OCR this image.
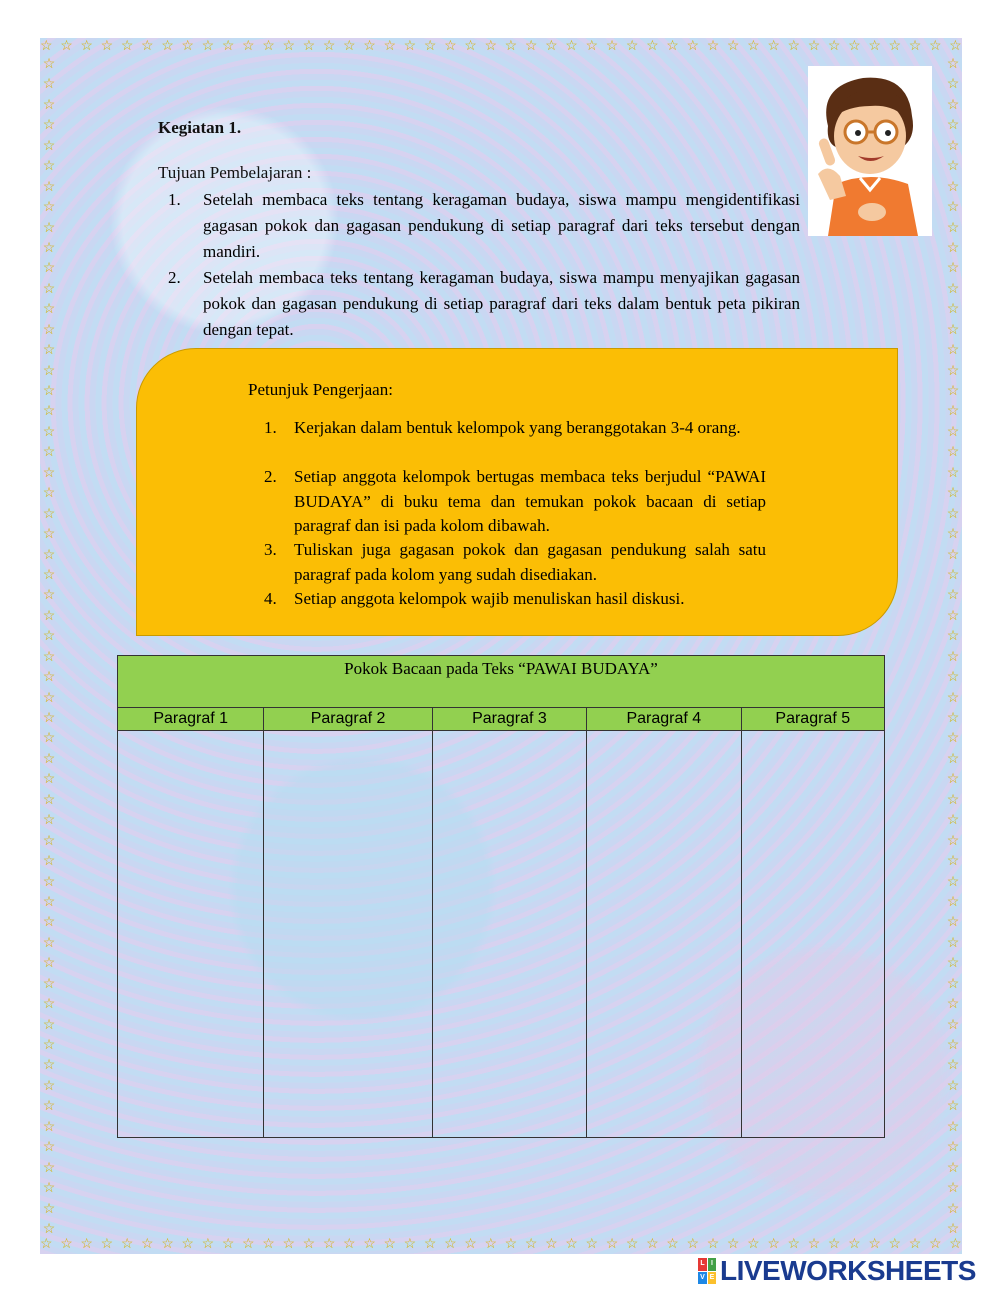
☆ ☆ ☆ ☆ ☆ ☆ ☆ ☆ ☆ ☆ ☆ ☆ ☆ ☆ ☆ ☆ ☆ ☆ ☆ ☆ ☆ ☆ ☆ ☆ ☆ ☆ ☆ ☆ ☆ ☆ ☆ ☆ ☆ ☆ ☆ ☆ ☆ ☆ ☆ ☆ ☆ ☆ ☆ ☆ ☆ ☆
☆ ☆ ☆ ☆ ☆ ☆ ☆ ☆ ☆ ☆ ☆ ☆ ☆ ☆ ☆ ☆ ☆ ☆ ☆ ☆ ☆ ☆ ☆ ☆ ☆ ☆ ☆ ☆ ☆ ☆ ☆ ☆ ☆ ☆ ☆ ☆ ☆ ☆ ☆ ☆ ☆ ☆ ☆ ☆ ☆ ☆
☆
☆
☆
☆
☆
☆
☆
☆
☆
☆
☆
☆
☆
☆
☆
☆
☆
☆
☆
☆
☆
☆
☆
☆
☆
☆
☆
☆
☆
☆
☆
☆
☆
☆
☆
☆
☆
☆
☆
☆
☆
☆
☆
☆
☆
☆
☆
☆
☆
☆
☆
☆
☆
☆
☆
☆
☆
☆
☆
☆
☆
☆
☆
☆
☆
☆
☆
☆
☆
☆
☆
☆
☆
☆
☆
☆
☆
☆
☆
☆
☆
☆
☆
☆
☆
☆
☆
☆
☆
☆
☆
☆
☆
☆
☆
☆
☆
☆
☆
☆
☆
☆
☆
☆
☆
☆
☆
☆
☆
☆
☆
☆
☆
☆
☆
☆
Kegiatan 1.
Tujuan Pembelajaran :
1. Setelah membaca teks tentang keragaman budaya, siswa mampu mengidentifikasi gagasan pokok dan gagasan pendukung di setiap paragraf dari teks tersebut dengan mandiri.
2. Setelah membaca teks tentang keragaman budaya, siswa mampu menyajikan gagasan pokok dan gagasan pendukung di setiap paragraf dari teks dalam bentuk peta pikiran dengan tepat.
Petunjuk Pengerjaan:
1. Kerjakan dalam bentuk kelompok yang beranggotakan 3-4 orang.
2. Setiap anggota kelompok bertugas membaca teks berjudul “PAWAI BUDAYA” di buku tema dan temukan pokok bacaan di setiap paragraf dan isi pada kolom dibawah.
3. Tuliskan juga gagasan pokok dan gagasan pendukung salah satu paragraf pada kolom yang sudah disediakan.
4. Setiap anggota kelompok wajib menuliskan hasil diskusi.
Pokok Bacaan pada Teks “PAWAI BUDAYA”				
Paragraf 1	Paragraf 2	Paragraf 3	Paragraf 4	Paragraf 5

L I
V E LIVEWORKSHEETS
